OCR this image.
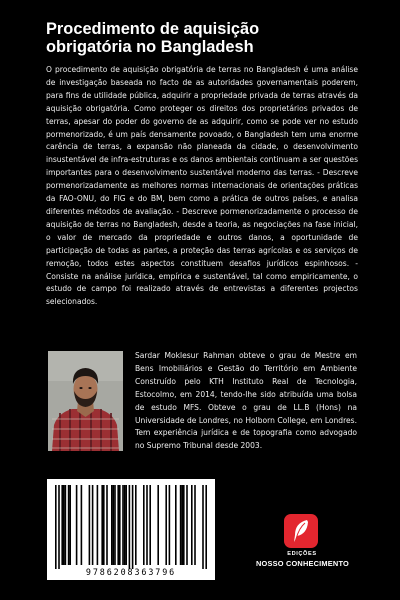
Procedimento de aquisição
obrigatória no Bangladesh

O procedimento de aquisição obrigatória de terras no Bangladesh é uma análise de investigação baseada no facto de as autoridades governamentais poderem, para fins de utilidade pública, adquirir a propriedade privada de terras através da aquisição obrigatória. Como proteger os direitos dos proprietários privados de terras, apesar do poder do governo de as adquirir, como se pode ver no estudo pormenorizado, é um país densamente povoado, o Bangladesh tem uma enorme carência de terras, a expansão não planeada da cidade, o desenvolvimento insustentável de infra-estruturas e os danos ambientais continuam a ser questões importantes para o desenvolvimento sustentável moderno das terras. - Descreve pormenorizadamente as melhores normas internacionais de orientações práticas da FAO-ONU, do FIG e do BM, bem como a prática de outros países, e analisa diferentes métodos de avaliação. - Descreve pormenorizadamente o processo de aquisição de terras no Bangladesh, desde a teoria, as negociações na fase inicial, o valor de mercado da propriedade e outros danos, a oportunidade de participação de todas as partes, a proteção das terras agrícolas e os serviços de remoção, todos estes aspectos constituem desafios jurídicos espinhosos. - Consiste na análise jurídica, empírica e sustentável, tal como empiricamente, o estudo de campo foi realizado através de entrevistas a diferentes projectos selecionados.

Sardar Moklesur Rahman obteve o grau de Mestre em Bens Imobiliários e Gestão do Território em Ambiente Construído pelo KTH Instituto Real de Tecnologia, Estocolmo, em 2014, tendo-lhe sido atribuída uma bolsa de estudo MFS. Obteve o grau de LL.B (Hons) na Universidade de Londres, no Holborn College, em Londres. Tem experiência jurídica e de topografia como advogado no Supremo Tribunal desde 2003.

9786208363796
EDIÇÕES
NOSSO CONHECIMENTO
